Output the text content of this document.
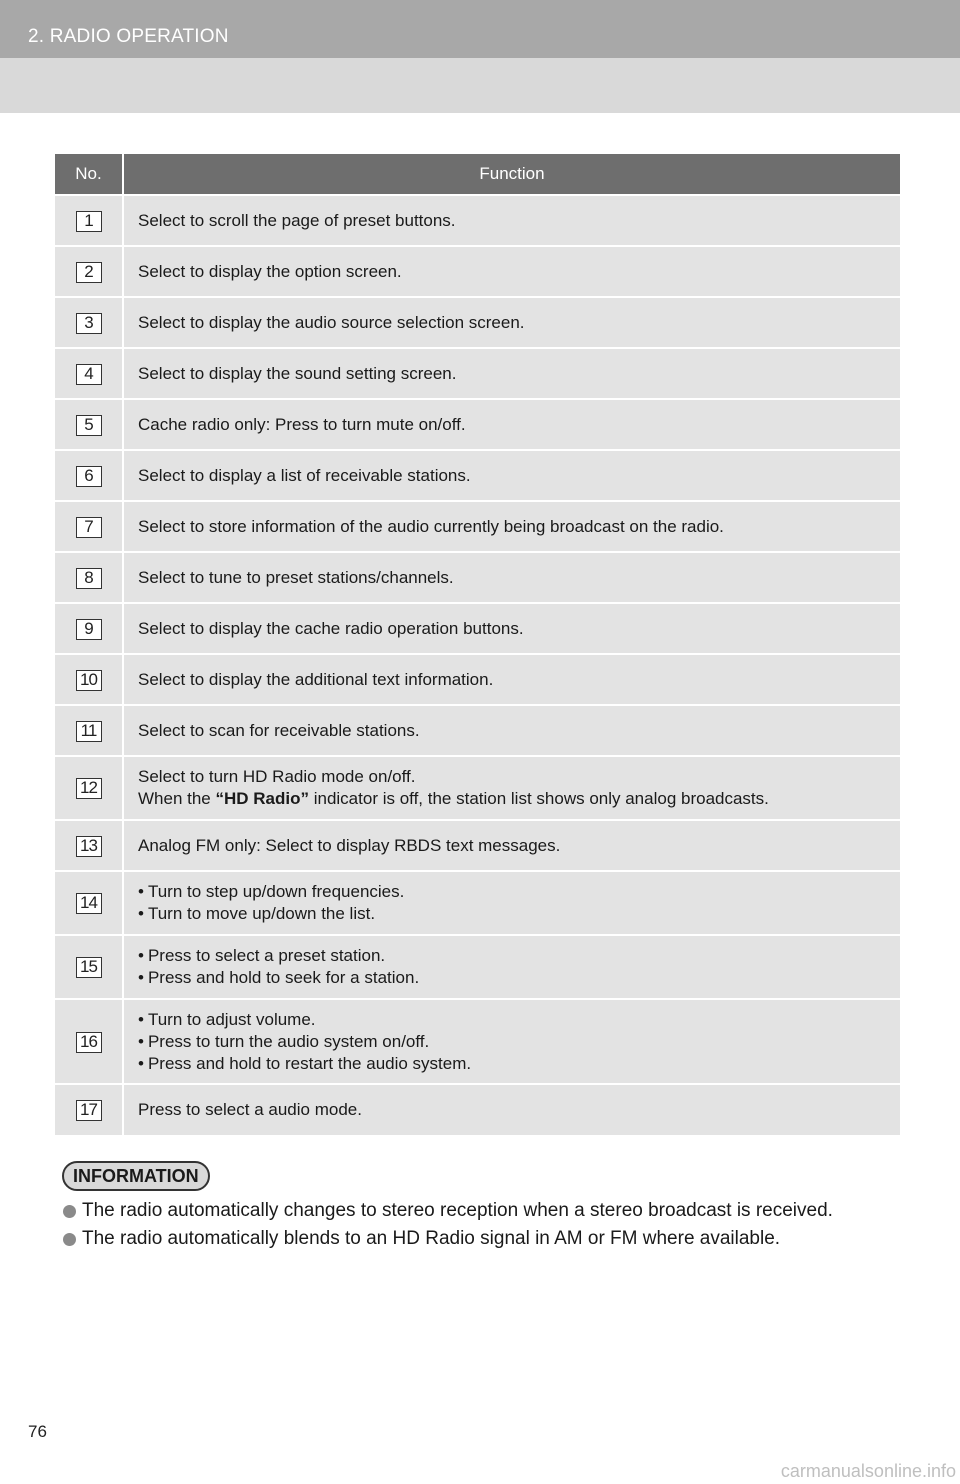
2. RADIO OPERATION
No.	Function
1	Select to scroll the page of preset buttons.

2	Select to display the option screen.

3	Select to display the audio source selection screen.

4	Select to display the sound setting screen.

5	Cache radio only: Press to turn mute on/off.

6	Select to display a list of receivable stations.

7	Select to store information of the audio currently being broadcast on the radio.

8	Select to tune to preset stations/channels.

9	Select to display the cache radio operation buttons.

10	Select to display the additional text information.

11	Select to scan for receivable stations.

12	Select to turn HD Radio mode on/off.
When the “HD Radio” indicator is off, the station list shows only analog broadcasts.

13	Analog FM only: Select to display RBDS text messages.

14	• Turn to step up/down frequencies.
• Turn to move up/down the list.

15	• Press to select a preset station.
• Press and hold to seek for a station.

16	• Turn to adjust volume.
• Press to turn the audio system on/off.
• Press and hold to restart the audio system.

17	Press to select a audio mode.
INFORMATION
The radio automatically changes to stereo reception when a stereo broadcast is received.
The radio automatically blends to an HD Radio signal in AM or FM where available.
76
carmanualsonline.info
